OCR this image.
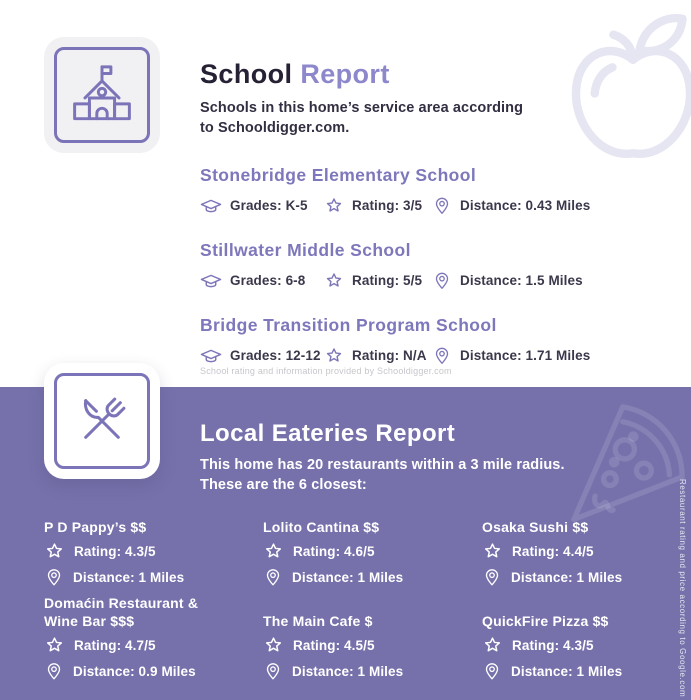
School Report

Schools in this home’s service area according
to Schooldigger.com.

Stonebridge Elementary School
Grades: K-5	Rating: 3/5	Distance: 0.43 Miles
Stillwater Middle School
Grades: 6-8	Rating: 5/5	Distance: 1.5 Miles
Bridge Transition Program School
Grades: 12-12 Rating: N/A Distance: 1.71 Miles

School rating and information provided by Schooldigger.com

Local Eateries Report

This home has 20 restaurants within a 3 mile radius.
These are the 6 closest:

P D Pappy’s $$
Rating: 4.3/5
Distance: 1 Miles
Lolito Cantina $$
Rating: 4.6/5
Distance: 1 Miles
Osaka Sushi $$
Rating: 4.4/5
Distance: 1 Miles
Domaćin Restaurant & Wine Bar $$$
Rating: 4.7/5
Distance: 0.9 Miles
The Main Cafe $
Rating: 4.5/5
Distance: 1 Miles
QuickFire Pizza $$
Rating: 4.3/5
Distance: 1 Miles	Restaurant rating and price according to Google.com
